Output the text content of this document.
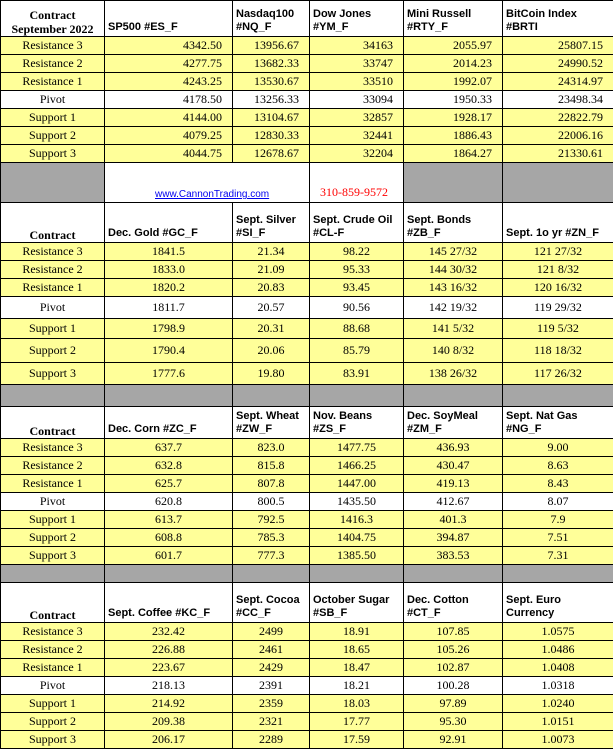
Contract
September 2022	SP500 #ES_F	Nasdaq100 #NQ_F	Dow Jones #YM_F	Mini Russell #RTY_F	BitCoin Index #BRTI
Resistance 3	4342.50	13956.67	34163	2055.97	25807.15
Resistance 2	4277.75	13682.33	33747	2014.23	24990.52
Resistance 1	4243.25	13530.67	33510	1992.07	24314.97
Pivot	4178.50	13256.33	33094	1950.33	23498.34
Support 1	4144.00	13104.67	32857	1928.17	22822.79
Support 2	4079.25	12830.33	32441	1886.43	22006.16
Support 3	4044.75	12678.67	32204	1864.27	21330.61
	www.CannonTrading.com		310-859-9572		

Contract	Dec. Gold #GC_F	Sept. Silver #SI_F	Sept. Crude Oil #CL-F	Sept. Bonds #ZB_F	Sept. 1o yr #ZN_F
Resistance 3	1841.5	21.34	98.22	145 27/32	121 27/32
Resistance 2	1833.0	21.09	95.33	144 30/32	121 8/32
Resistance 1	1820.2	20.83	93.45	143 16/32	120 16/32
Pivot	1811.7	20.57	90.56	142 19/32	119 29/32
Support 1	1798.9	20.31	88.68	141 5/32	119 5/32
Support 2	1790.4	20.06	85.79	140 8/32	118 18/32
Support 3	1777.6	19.80	83.91	138 26/32	117 26/32

Contract	Dec. Corn #ZC_F	Sept. Wheat #ZW_F	Nov. Beans #ZS_F	Dec. SoyMeal #ZM_F	Sept. Nat Gas #NG_F
Resistance 3	637.7	823.0	1477.75	436.93	9.00
Resistance 2	632.8	815.8	1466.25	430.47	8.63
Resistance 1	625.7	807.8	1447.00	419.13	8.43
Pivot	620.8	800.5	1435.50	412.67	8.07
Support 1	613.7	792.5	1416.3	401.3	7.9
Support 2	608.8	785.3	1404.75	394.87	7.51
Support 3	601.7	777.3	1385.50	383.53	7.31

Contract	Sept. Coffee #KC_F	Sept. Cocoa #CC_F	October Sugar #SB_F	Dec. Cotton #CT_F	Sept. Euro Currency
Resistance 3	232.42	2499	18.91	107.85	1.0575
Resistance 2	226.88	2461	18.65	105.26	1.0486
Resistance 1	223.67	2429	18.47	102.87	1.0408
Pivot	218.13	2391	18.21	100.28	1.0318
Support 1	214.92	2359	18.03	97.89	1.0240
Support 2	209.38	2321	17.77	95.30	1.0151
Support 3	206.17	2289	17.59	92.91	1.0073
